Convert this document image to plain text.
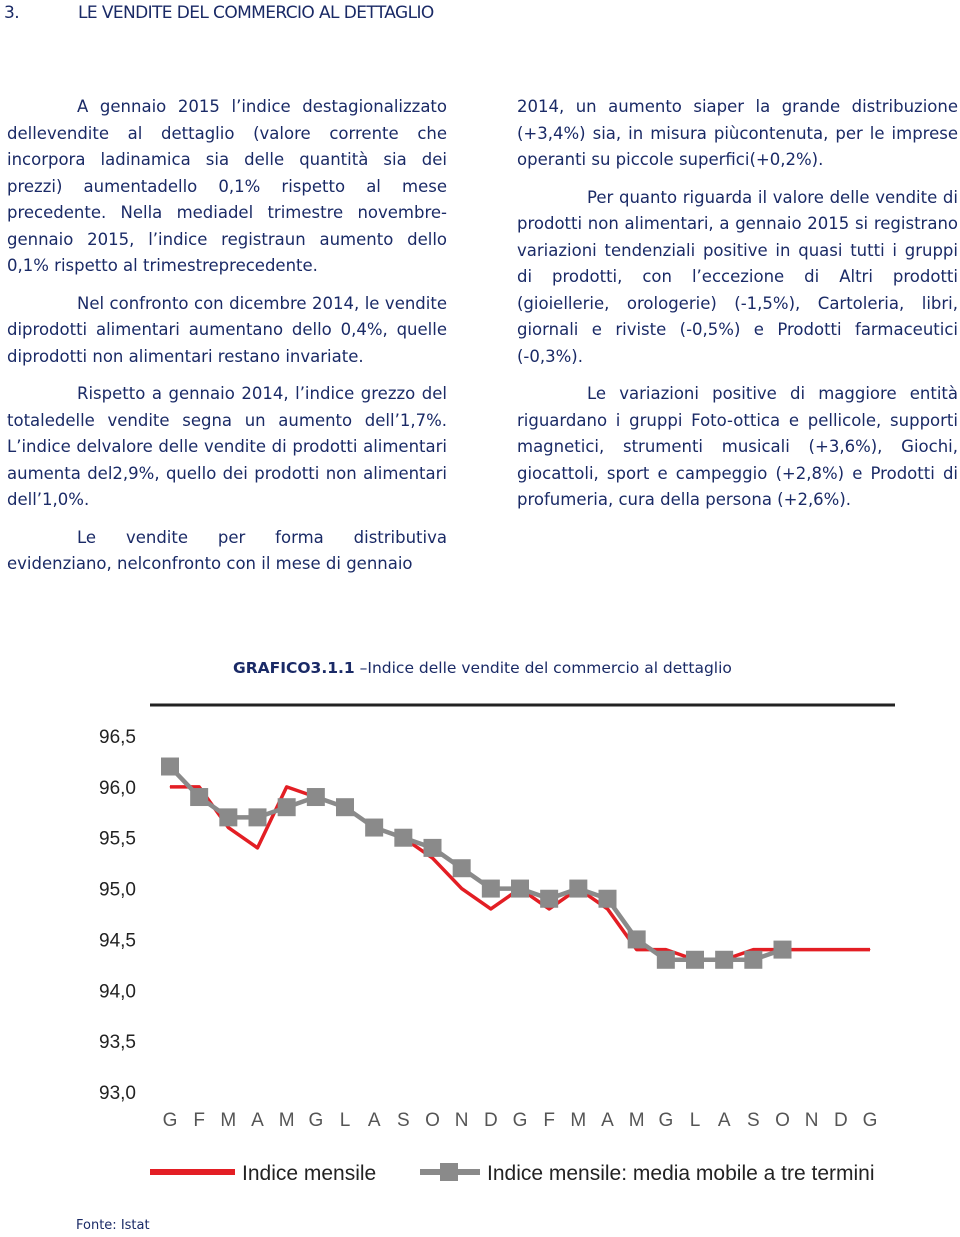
3.	LE VENDITE DEL COMMERCIO AL DETTAGLIO

A gennaio 2015 l’indice destagionalizzato dellevendite al dettaglio (valore corrente che incorpora ladinamica sia delle quantità sia dei prezzi) aumentadello 0,1% rispetto al mese precedente. Nella mediadel trimestre novembre-gennaio 2015, l’indice registraun aumento dello 0,1% rispetto al trimestreprecedente.

Nel confronto con dicembre 2014, le vendite diprodotti alimentari aumentano dello 0,4%, quelle diprodotti non alimentari restano invariate.

Rispetto a gennaio 2014, l’indice grezzo del totaledelle vendite segna un aumento dell’1,7%. L’indice delvalore delle vendite di prodotti alimentari aumenta del2,9%, quello dei prodotti non alimentari dell’1,0%.

Le vendite per forma distributiva evidenziano, nelconfronto con il mese di gennaio

2014, un aumento siaper la grande distribuzione (+3,4%) sia, in misura piùcontenuta, per le imprese operanti su piccole superfici(+0,2%).

Per quanto riguarda il valore delle vendite di prodotti non alimentari, a gennaio 2015 si registrano variazioni tendenziali positive in quasi tutti i gruppi di prodotti, con l’eccezione di Altri prodotti (gioiellerie, orologerie) (-1,5%), Cartoleria, libri, giornali e riviste (-0,5%) e Prodotti farmaceutici (-0,3%).

Le variazioni positive di maggiore entità riguardano i gruppi Foto-ottica e pellicole, supporti magnetici, strumenti musicali (+3,6%), Giochi, giocattoli, sport e campeggio (+2,8%) e Prodotti di profumeria, cura della persona (+2,6%).

GRAFICO3.1.1 –Indice delle vendite del commercio al dettaglio
96,5
96,0
95,5
95,0
94,5
94,0
93,5
93,0
G F M A M G L A S O N D G F M A M G L A S O N D G
Indice mensile	Indice mensile: media mobile a tre termini
Fonte: Istat
